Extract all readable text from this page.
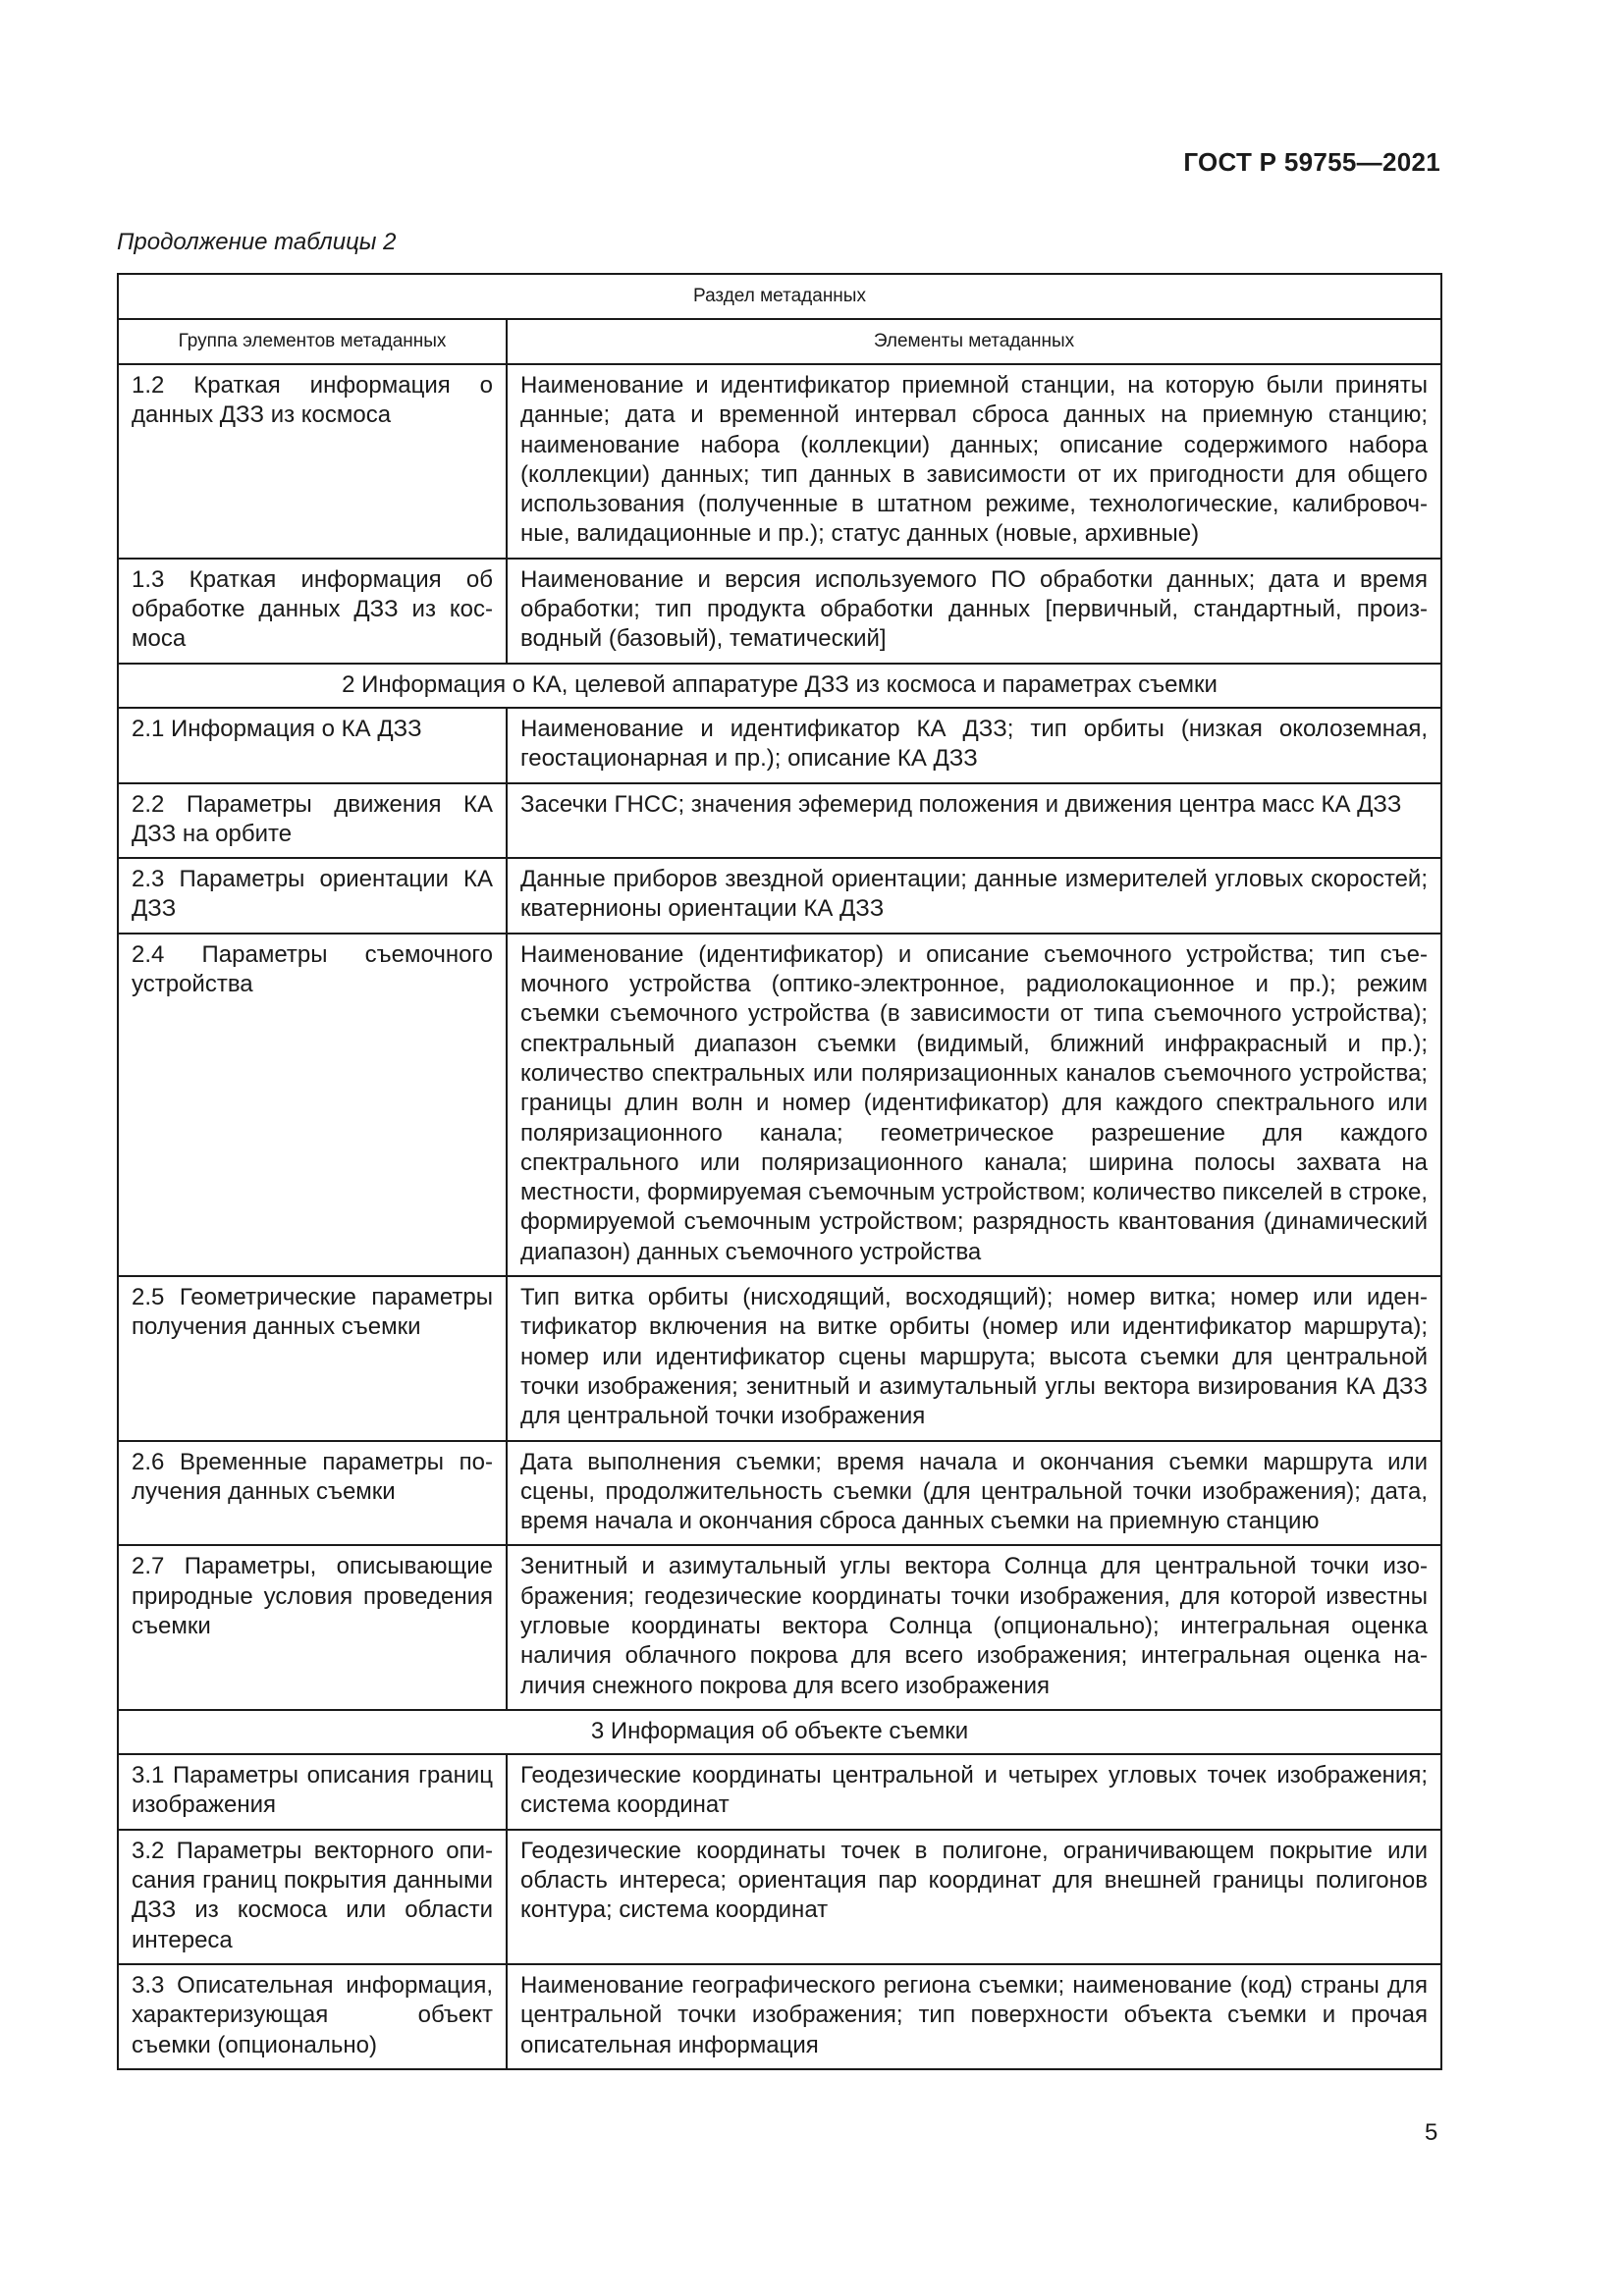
ГОСТ Р 59755—2021
Продолжение таблицы 2
Раздел метаданных	
Группа элементов метаданных	Элементы метаданных
1.2 Краткая информация о данных ДЗЗ из космоса	Наименование и идентификатор приемной станции, на которую были приняты данные; дата и временной интервал сброса данных на приемную станцию; наименование набора (коллекции) данных; описание содержимого набора (коллекции) данных; тип данных в зависимости от их пригодности для общего использования (полученные в штатном режиме, технологические, калибровочные, валидационные и пр.); статус данных (новые, архивные)
1.3 Краткая информация об обработке данных ДЗЗ из космоса	Наименование и версия используемого ПО обработки данных; дата и время обработки; тип продукта обработки данных [первичный, стандартный, производный (базовый), тематический]
2 Информация о КА, целевой аппаратуре ДЗЗ из космоса и параметрах съемки	
2.1 Информация о КА ДЗЗ	Наименование и идентификатор КА ДЗЗ; тип орбиты (низкая околоземная, геостационарная и пр.); описание КА ДЗЗ
2.2 Параметры движения КА ДЗЗ на орбите	Засечки ГНСС; значения эфемерид положения и движения центра масс КА ДЗЗ
2.3 Параметры ориентации КА ДЗЗ	Данные приборов звездной ориентации; данные измерителей угловых скоростей; кватернионы ориентации КА ДЗЗ
2.4 Параметры съемочного устройства	Наименование (идентификатор) и описание съемочного устройства; тип съемочного устройства (оптико-электронное, радиолокационное и пр.); режим съемки съемочного устройства (в зависимости от типа съемочного устройства); спектральный диапазон съемки (видимый, ближний инфракрасный и пр.); количество спектральных или поляризационных каналов съемочного устройства; границы длин волн и номер (идентификатор) для каждого спектрального или поляризационного канала; геометрическое разрешение для каждого спектрального или поляризационного канала; ширина полосы захвата на местности, формируемая съемочным устройством; количество пикселей в строке, формируемой съемочным устройством; разрядность квантования (динамический диапазон) данных съемочного устройства
2.5 Геометрические параметры получения данных съемки	Тип витка орбиты (нисходящий, восходящий); номер витка; номер или идентификатор включения на витке орбиты (номер или идентификатор маршрута); номер или идентификатор сцены маршрута; высота съемки для центральной точки изображения; зенитный и азимутальный углы вектора визирования КА ДЗЗ для центральной точки изображения
2.6 Временные параметры получения данных съемки	Дата выполнения съемки; время начала и окончания съемки маршрута или сцены, продолжительность съемки (для центральной точки изображения); дата, время начала и окончания сброса данных съемки на приемную станцию
2.7 Параметры, описывающие природные условия проведения съемки	Зенитный и азимутальный углы вектора Солнца для центральной точки изображения; геодезические координаты точки изображения, для которой известны угловые координаты вектора Солнца (опционально); интегральная оценка наличия облачного покрова для всего изображения; интегральная оценка наличия снежного покрова для всего изображения
3 Информация об объекте съемки	
3.1 Параметры описания границ изображения	Геодезические координаты центральной и четырех угловых точек изображения; система координат
3.2 Параметры векторного описания границ покрытия данными ДЗЗ из космоса или области интереса	Геодезические координаты точек в полигоне, ограничивающем покрытие или область интереса; ориентация пар координат для внешней границы полигонов контура; система координат
3.3 Описательная информация, характеризующая объект съемки (опционально)	Наименование географического региона съемки; наименование (код) страны для центральной точки изображения; тип поверхности объекта съемки и прочая описательная информация
5
